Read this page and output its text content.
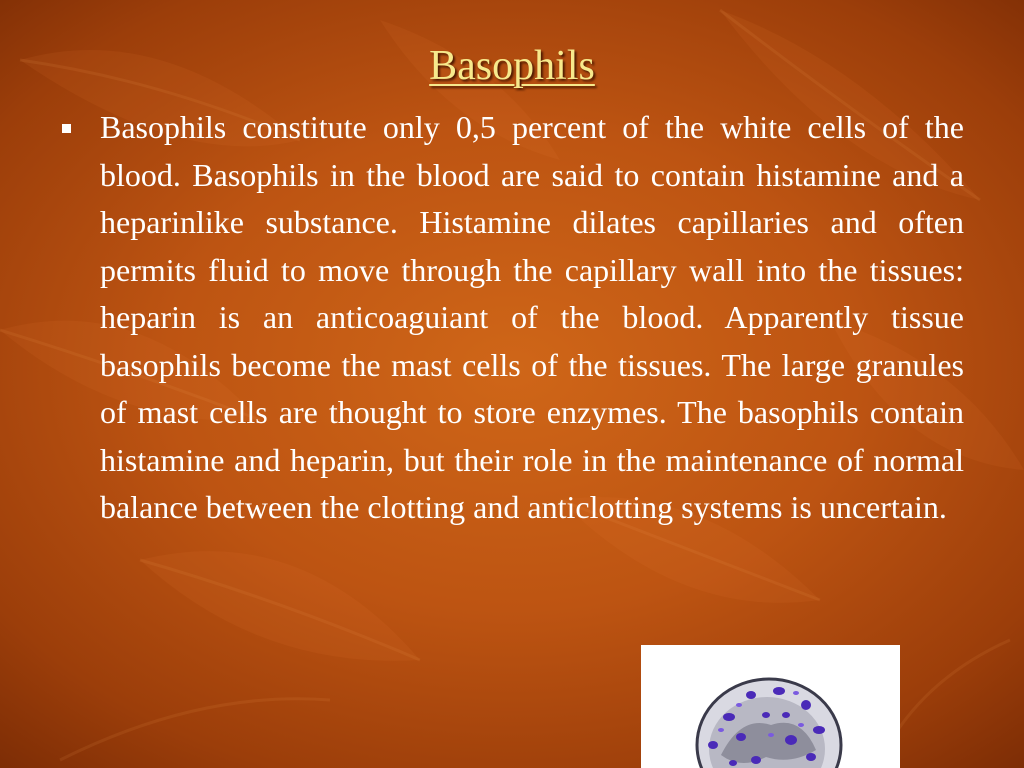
Basophils

Basophils constitute only 0,5 percent of the white cells of the blood. Basophils in the blood are said to contain histamine and a heparinlike substance. Histamine dilates capillaries and often permits fluid to move through the capillary wall into the tissues: heparin is an anticoaguiant of the blood. Apparently tissue basophils become the mast cells of the tissues. The large granules of mast cells are thought to store enzymes. The basophils contain histamine and heparin, but their role in the maintenance of normal balance between the clotting and anticlotting systems is uncertain.
